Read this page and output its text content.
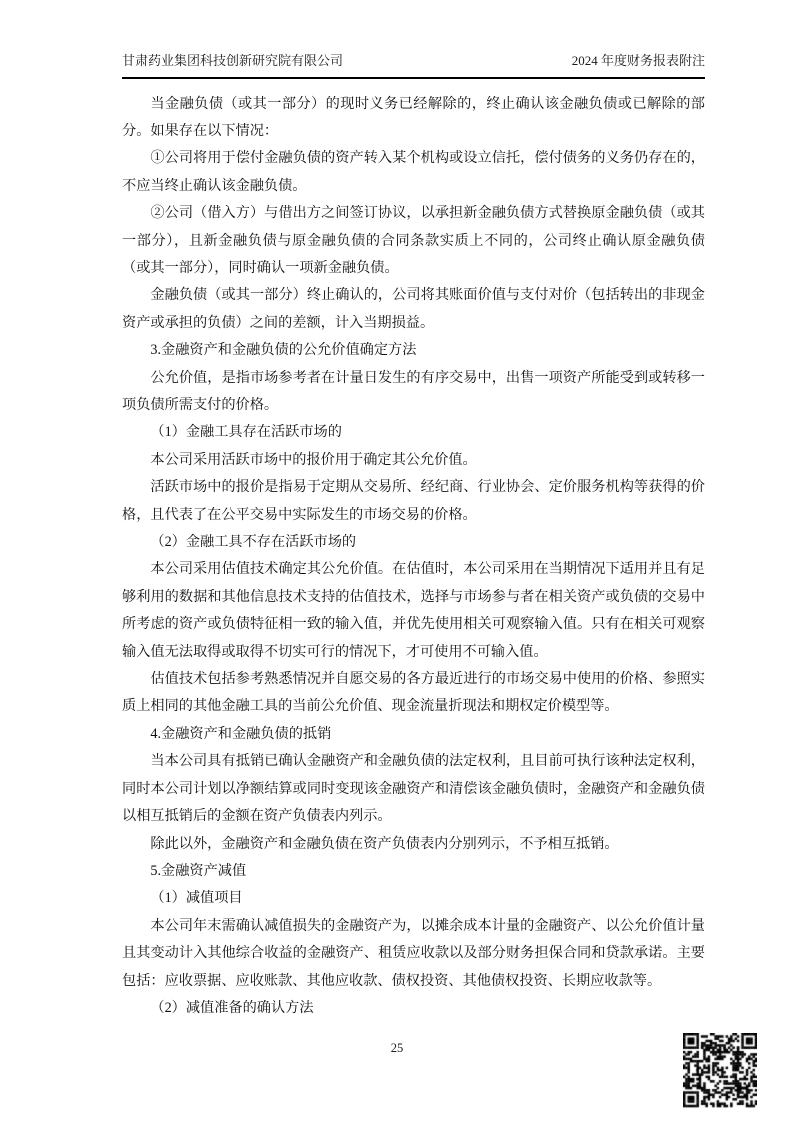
甘肃药业集团科技创新研究院有限公司	2024 年度财务报表附注

当金融负债（或其一部分）的现时义务已经解除的，终止确认该金融负债或已解除的部分。如果存在以下情况：

①公司将用于偿付金融负债的资产转入某个机构或设立信托，偿付债务的义务仍存在的，不应当终止确认该金融负债。

②公司（借入方）与借出方之间签订协议，以承担新金融负债方式替换原金融负债（或其一部分），且新金融负债与原金融负债的合同条款实质上不同的，公司终止确认原金融负债（或其一部分），同时确认一项新金融负债。

金融负债（或其一部分）终止确认的，公司将其账面价值与支付对价（包括转出的非现金资产或承担的负债）之间的差额，计入当期损益。

3.金融资产和金融负债的公允价值确定方法

公允价值，是指市场参考者在计量日发生的有序交易中，出售一项资产所能受到或转移一项负债所需支付的价格。

（1）金融工具存在活跃市场的

本公司采用活跃市场中的报价用于确定其公允价值。

活跃市场中的报价是指易于定期从交易所、经纪商、行业协会、定价服务机构等获得的价格，且代表了在公平交易中实际发生的市场交易的价格。

（2）金融工具不存在活跃市场的

本公司采用估值技术确定其公允价值。在估值时，本公司采用在当期情况下适用并且有足够利用的数据和其他信息技术支持的估值技术，选择与市场参与者在相关资产或负债的交易中所考虑的资产或负债特征相一致的输入值，并优先使用相关可观察输入值。只有在相关可观察输入值无法取得或取得不切实可行的情况下，才可使用不可输入值。

估值技术包括参考熟悉情况并自愿交易的各方最近进行的市场交易中使用的价格、参照实质上相同的其他金融工具的当前公允价值、现金流量折现法和期权定价模型等。

4.金融资产和金融负债的抵销

当本公司具有抵销已确认金融资产和金融负债的法定权利，且目前可执行该种法定权利，同时本公司计划以净额结算或同时变现该金融资产和清偿该金融负债时，金融资产和金融负债以相互抵销后的金额在资产负债表内列示。

除此以外，金融资产和金融负债在资产负债表内分别列示，不予相互抵销。

5.金融资产减值

（1）减值项目

本公司年末需确认减值损失的金融资产为，以摊余成本计量的金融资产、以公允价值计量且其变动计入其他综合收益的金融资产、租赁应收款以及部分财务担保合同和贷款承诺。主要包括：应收票据、应收账款、其他应收款、债权投资、其他债权投资、长期应收款等。

（2）减值准备的确认方法

25
